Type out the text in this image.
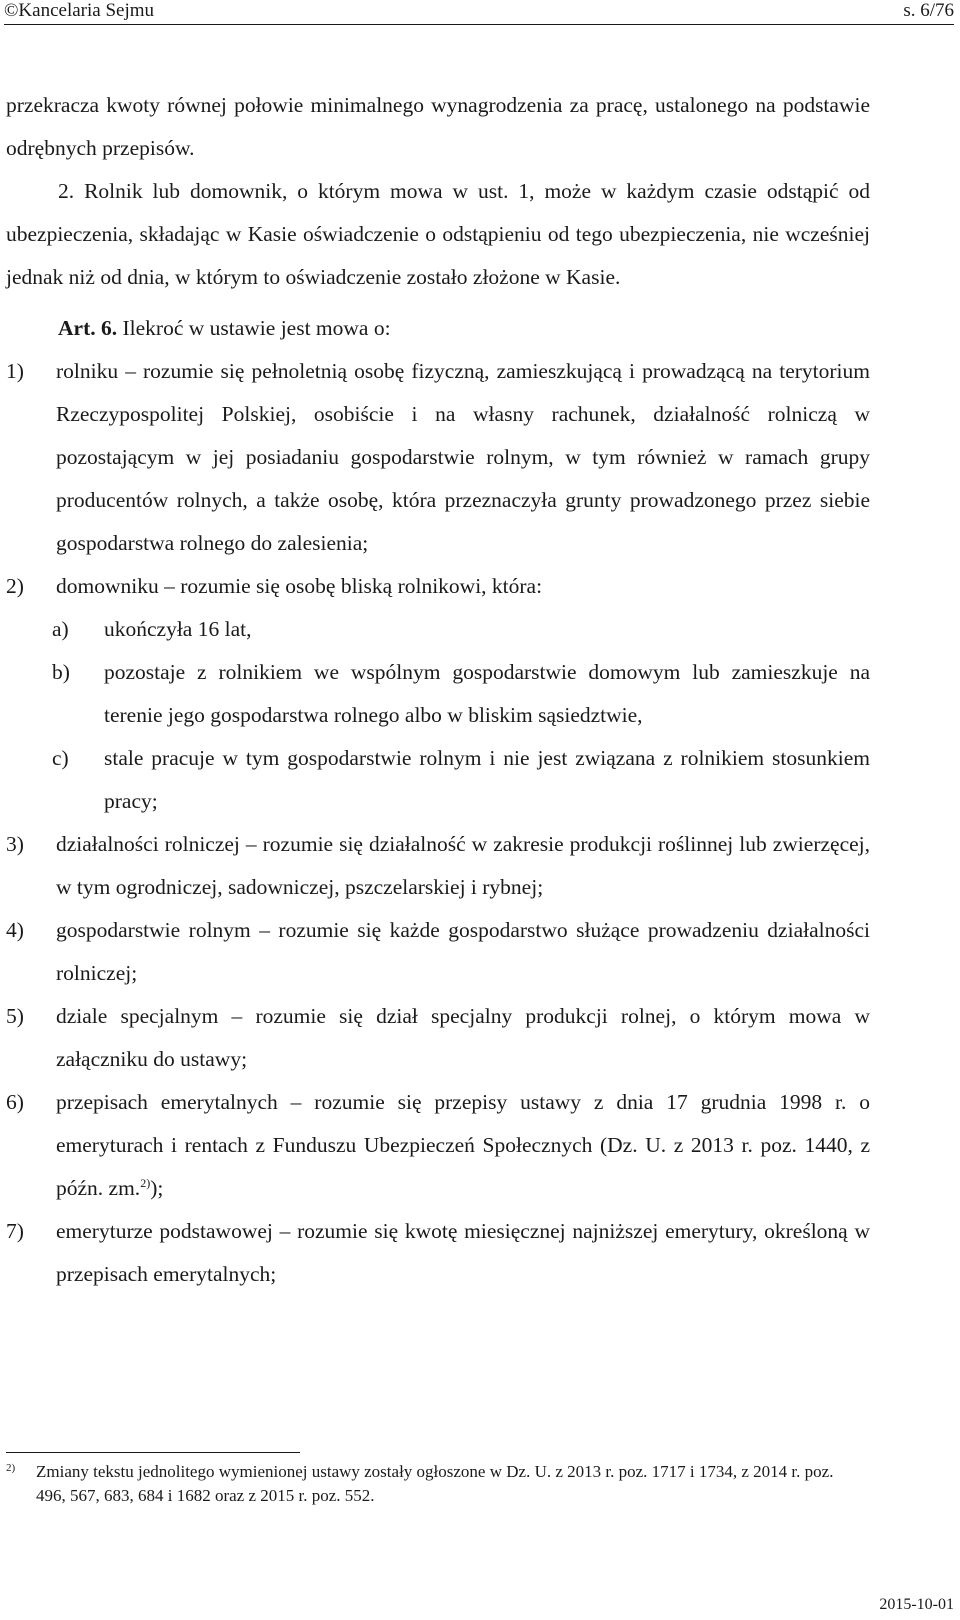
©Kancelaria Sejmu	s. 6/76

przekracza kwoty równej połowie minimalnego wynagrodzenia za pracę, ustalonego na podstawie odrębnych przepisów.

2. Rolnik lub domownik, o którym mowa w ust. 1, może w każdym czasie odstąpić od ubezpieczenia, składając w Kasie oświadczenie o odstąpieniu od tego ubezpieczenia, nie wcześniej jednak niż od dnia, w którym to oświadczenie zostało złożone w Kasie.

Art. 6. Ilekroć w ustawie jest mowa o:

1) rolniku – rozumie się pełnoletnią osobę fizyczną, zamieszkującą i prowadzącą na terytorium Rzeczypospolitej Polskiej, osobiście i na własny rachunek, działalność rolniczą w pozostającym w jej posiadaniu gospodarstwie rolnym, w tym również w ramach grupy producentów rolnych, a także osobę, która przeznaczyła grunty prowadzonego przez siebie gospodarstwa rolnego do zalesienia;
2) domowniku – rozumie się osobę bliską rolnikowi, która:
a) ukończyła 16 lat,
b) pozostaje z rolnikiem we wspólnym gospodarstwie domowym lub zamieszkuje na terenie jego gospodarstwa rolnego albo w bliskim sąsiedztwie,
c) stale pracuje w tym gospodarstwie rolnym i nie jest związana z rolnikiem stosunkiem pracy;
3) działalności rolniczej – rozumie się działalność w zakresie produkcji roślinnej lub zwierzęcej, w tym ogrodniczej, sadowniczej, pszczelarskiej i rybnej;
4) gospodarstwie rolnym – rozumie się każde gospodarstwo służące prowadzeniu działalności rolniczej;
5) dziale specjalnym – rozumie się dział specjalny produkcji rolnej, o którym mowa w załączniku do ustawy;
6) przepisach emerytalnych – rozumie się przepisy ustawy z dnia 17 grudnia 1998 r. o emeryturach i rentach z Funduszu Ubezpieczeń Społecznych (Dz. U. z 2013 r. poz. 1440, z późn. zm.$^{2)}$);
7) emeryturze podstawowej – rozumie się kwotę miesięcznej najniższej emerytury, określoną w przepisach emerytalnych;
2)	Zmiany tekstu jednolitego wymienionej ustawy zostały ogłoszone w Dz. U. z 2013 r. poz. 1717 i 1734, z 2014 r. poz. 496, 567, 683, 684 i 1682 oraz z 2015 r. poz. 552.
2015-10-01
